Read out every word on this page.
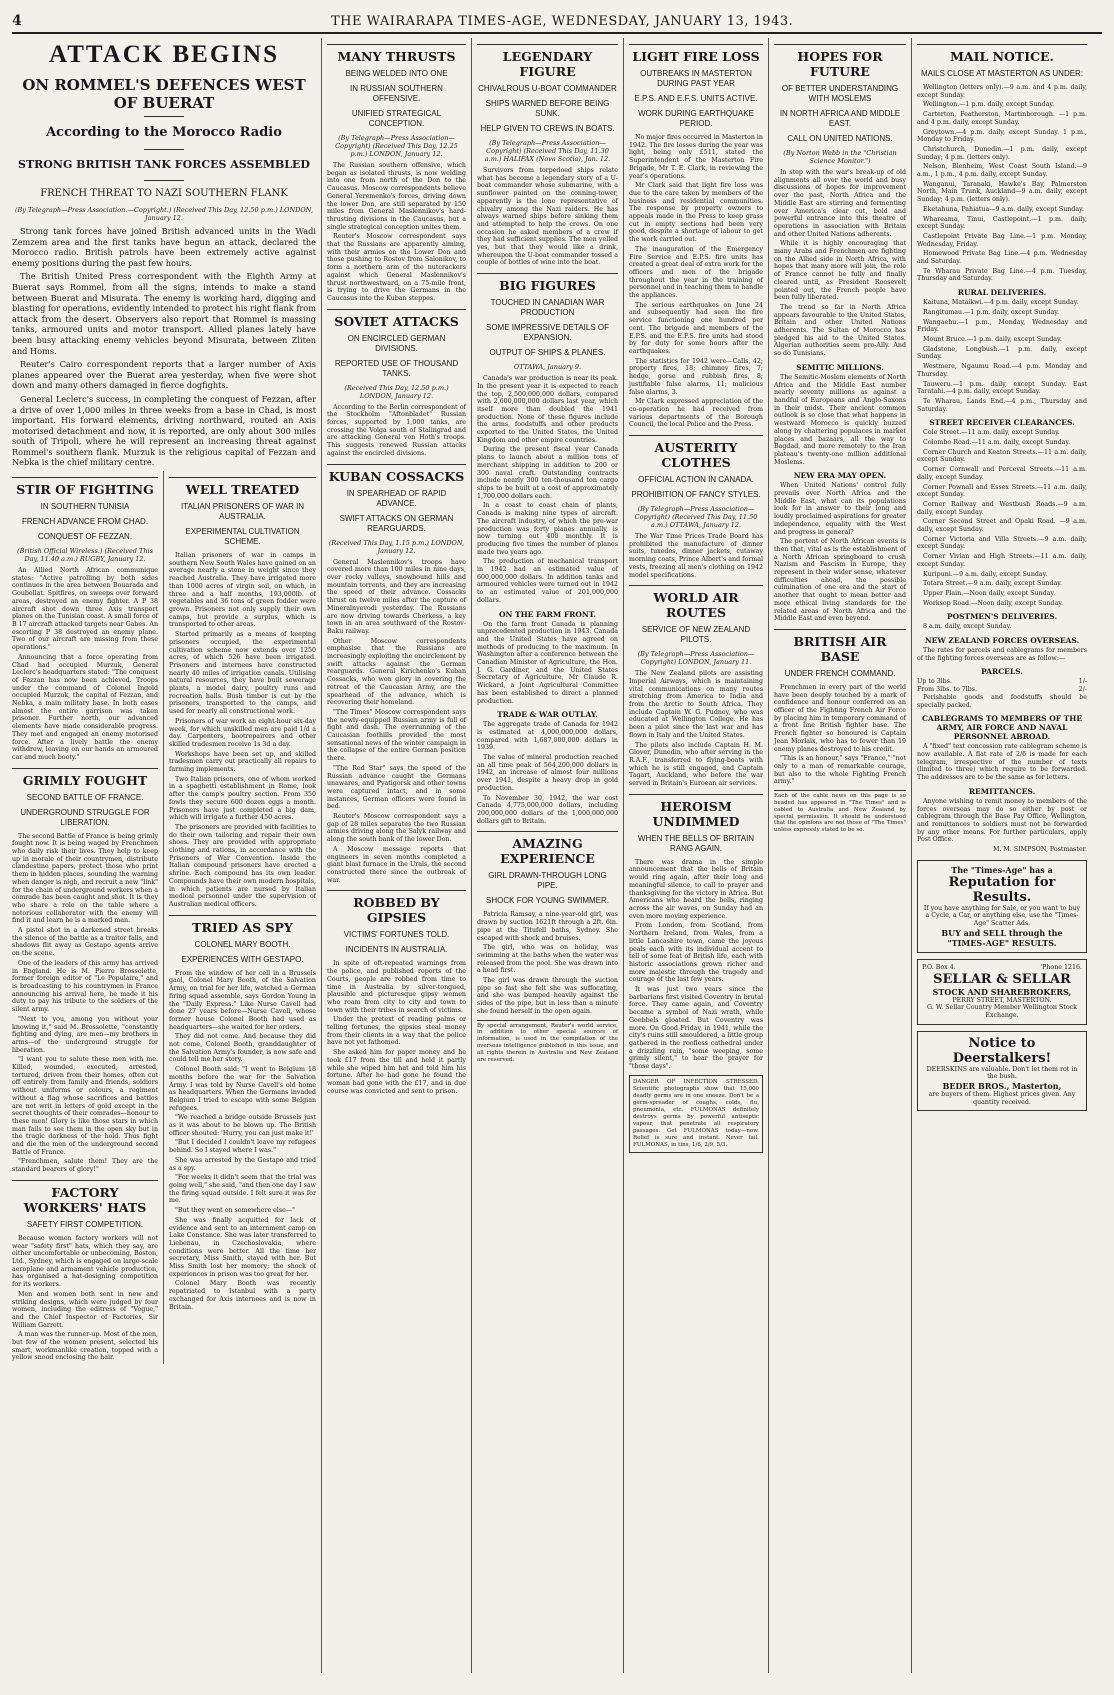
4	THE WAIRARAPA TIMES-AGE, WEDNESDAY, JANUARY 13, 1943.
ATTACK BEGINS
ON ROMMEL'S DEFENCES WEST OF BUERAT
According to the Morocco Radio
STRONG BRITISH TANK FORCES ASSEMBLED
FRENCH THREAT TO NAZI SOUTHERN FLANK
(By Telegraph—Press Association.—Copyright.) (Received This Day, 12.50 p.m.) LONDON, January 12.
Strong tank forces have joined British advanced units in the Wadi Zemzem area and the first tanks have begun an attack, declared the Morocco radio. British patrols have been extremely active against enemy positions during the past few hours.
The British United Press correspondent with the Eighth Army at Buerat says Rommel, from all the signs, intends to make a stand between Buerat and Misurata. The enemy is working hard, digging and blasting for operations, evidently intended to protect his right flank from attack from the desert. Observers also report that Rommel is massing tanks, armoured units and motor transport. Allied planes lately have been busy attacking enemy vehicles beyond Misurata, between Zliten and Homs.
Reuter's Cairo correspondent reports that a larger number of Axis planes appeared over the Buerat area yesterday, when five were shot down and many others damaged in fierce dogfights.
General Leclerc's success, in completing the conquest of Fezzan, after a drive of over 1,000 miles in three weeks from a base in Chad, is most important. His forward elements, driving northward, routed an Axis motorised detachment and now, it is reported, are only about 300 miles south of Tripoli, where he will represent an increasing threat against Rommel's southern flank. Murzuk is the religious capital of Fezzan and Nebka is the chief military centre.
STIR OF FIGHTING
IN SOUTHERN TUNISIA
FRENCH ADVANCE FROM CHAD.
CONQUEST OF FEZZAN.
(British Official Wireless.) (Received This Day, 11.40 a.m.) RUGBY, January 12.

An Allied North African communique states: "Active patrolling by both sides continues in the area between Bouarada and Goubellat. Spitfires, on sweeps over forward areas, destroyed an enemy fighter. A P 38 aircraft shot down three Axis transport planes on the Tunisian coast. A small force of B 17 aircraft attacked targets near Gabes. An escorting P 38 destroyed an enemy plane. Two of our aircraft are missing from these operations."

Announcing that a force operating from Chad had occupied Murzuk, General Leclerc's headquarters stated: "The conquest of Fezzan has now been achieved. Troops under the command of Colonel Ingold occupied Murzuk, the capital of Fezzan, and Nebka, a main military base. In both cases almost the entire garrison was taken prisoner. Further north, our advanced elements have made considerable progress. They met and engaged an enemy motorised force. After a lively battle the enemy withdrew, leaving on our hands an armoured car and much booty."

GRIMLY FOUGHT
SECOND BATTLE OF FRANCE.
UNDERGROUND STRUGGLE FOR LIBERATION.

The second Battle of France is being grimly fought now. It is being waged by Frenchmen who daily risk their lives. They help to keep up in morale of their countrymen, distribute clandestine papers, protect those who print them in hidden places, sounding the warning when danger is nigh, and recruit a new "link" for the chain of underground workers when a comrade has been caught and shot. It is they who share a role on the table where a notorious collaborator with the enemy will find it and learn he is a marked man.

A pistol shot in a darkened street breaks the silence of the battle as a traitor falls, and shadows flit away as Gestapo agents arrive on the scene.

One of the leaders of this army has arrived in England. He is M. Pierre Brossolette, former foreign editor of "Le Populaire," and is broadcasting to his countrymen in France announcing his arrival here, he made it his duty to pay his tribute to the soldiers of the silent army.

"Next to you, among you without your knowing it," said M. Brossolette, "constantly fighting and dying, are men—my brothers in arms—of the underground struggle for liberation.

"I want you to salute these men with me. Killed, wounded, executed, arrested, tortured, driven from their homes, often cut off entirely from family and friends, soldiers without uniforms or colours, a regiment without a flag whose sacrifices and battles are not writ in letters of gold except in the secret thoughts of their comrades—honour to these men! Glory is like those stars in which man fails to see them in the open sky but in the tragic darkness of the hold. Thus fight and die the men of the underground second Battle of France.

"Frenchmen, salute them! They are the standard bearers of glory!"

FACTORY WORKERS' HATS
SAFETY FIRST COMPETITION.

Because women factory workers will not wear "safety first" hats, which they say, are either uncomfortable or unbecoming, Boston, Ltd., Sydney, which is engaged on large-scale aeroplane and armament vehicle production, has organised a hat-designing competition for its workers.

Men and women both sent in new and striking designs, which were judged by four women, including the editress of "Vogue," and the Chief Inspector of Factories, Sir William Garrett.

A man was the runner-up. Most of the men, but few of the women present, selected his smart, workmanlike creation, topped with a yellow snood enclosing the hair.

WELL TREATED
ITALIAN PRISONERS OF WAR IN AUSTRALIA.
EXPERIMENTAL CULTIVATION SCHEME.

Italian prisoners of war in camps in southern New South Wales have gained on an average nearly a stone in weight since they reached Australia. They have irrigated more than 1000 acres of virgin soil, on which, in three and a half months, 193,000lb. of vegetables and 36 tons of green fodder were grown. Prisoners not only supply their own camps, but provide a surplus, which is transported to other areas.

Started primarily as a means of keeping prisoners occupied, the experimental cultivation scheme now extends over 1250 acres, of which 526 have been irrigated. Prisoners and internees have constructed nearly 40 miles of irrigation canals. Utilising natural resources, they have built sewerage plants, a model dairy, poultry runs and recreation halls. Bush timber is cut by the prisoners, transported to the camps, and used for nearly all constructional work.

Prisoners of war work an eight-hour six-day week, for which unskilled men are paid 1/d a day. Carpenters, bootrepairers and other skilled tradesmen receive 1s 3d a day.

Workshops have been set up, and skilled tradesmen carry out practically all repairs to farming implements.

Two Italian prisoners, one of whom worked in a spaghetti establishment in Rome, look after the camp's poultry section. From 350 fowls they secure 600 dozen eggs a month. Prisoners have just completed a big dam, which will irrigate a further 450 acres.

The prisoners are provided with facilities to do their own tailoring and repair their own shoes. They are provided with appropriate clothing and rations, in accordance with the Prisoners of War Convention. Inside the Italian compound prisoners have erected a shrine. Each compound has its own leader. Compounds have their own modern hospitals, in which patients are nursed by Italian medical personnel under the supervision of Australian medical officers.

TRIED AS SPY
COLONEL MARY BOOTH.
EXPERIENCES WITH GESTAPO.

From the window of her cell in a Brussels gaol, Colonel Mary Booth, of the Salvation Army, on trial for her life, watched a German firing squad assemble, says Gordon Young in the "Daily Express." Like Nurse Cavell had done 27 years before—Nurse Cavell, whose former house Colonel Booth had used as headquarters—she waited for her orders.

They did not come. And because they did not come, Colonel Booth, granddaughter of the Salvation Army's founder, is now safe and could tell me her story.

Colonel Booth said: "I went to Belgium 18 months before the war for the Salvation Army. I was told by Nurse Cavell's old home as headquarters. When the Germans invaded Belgium I tried to escape with some Belgian refugees.

"We reached a bridge outside Brussels just as it was about to be blown up. The British officer shouted: 'Hurry, you can just make it!'

"But I decided I couldn't leave my refugees behind. So I stayed where I was."

She was arrested by the Gestapo and tried as a spy.

"For weeks it didn't seem that the trial was going well," she said, "and then one day I saw the firing squad outside. I felt sure it was for me.

"But they went on somewhere else—"

She was finally acquitted for lack of evidence and sent to an internment camp on Lake Constance. She was later transferred to Liebenau, in Czechoslovakia, where conditions were better. All the time her secretary, Miss Smith, stayed with her. But Miss Smith lost her memory; the shock of experiences in prison was too great for her.

Colonel Mary Booth was recently repatriated to Istanbul with a party exchanged for Axis internees and is now in Britain.

MANY THRUSTS
BEING WELDED INTO ONE
IN RUSSIAN SOUTHERN OFFENSIVE.
UNIFIED STRATEGICAL CONCEPTION.
(By Telegraph—Press Association—Copyright) (Received This Day, 12.25 p.m.) LONDON, January 12.

The Russian southern offensive, which began as isolated thrusts, is now welding into one from north of the Don to the Caucasus. Moscow correspondents believe General Yeremenko's forces, driving down the lower Don, are still separated by 150 miles from General Maslennikov's hard-thrusting divisions in the Caucasus, but a single strategical conception unites them.

Reuter's Moscow correspondent says that the Russians are apparently aiming, with their armies on the Lower Don and those pushing to Rostov from Salonikov, to form a northern arm of the nutcrackers against which General Maslennikov's thrust northwestward, on a 75-mile front, is trying to drive the Germans in the Caucasus into the Kuban steppes.

SOVIET ATTACKS
ON ENCIRCLED GERMAN DIVISIONS.
REPORTED USE OF THOUSAND TANKS.
(Received This Day, 12.50 p.m.) LONDON, January 12.

According to the Berlin correspondent of the Stockholm "Aftonbladet" Russian forces, supported by 1,000 tanks, are crossing the Volga south of Stalingrad and are attacking General von Hoth's troops. This suggests renewed Russian attacks against the encircled divisions.

KUBAN COSSACKS
IN SPEARHEAD OF RAPID ADVANCE.
SWIFT ATTACKS ON GERMAN REARGUARDS.
(Received This Day, 1.15 p.m.) LONDON, January 12.

General Maslennikov's troops have covered more than 100 miles in nine days, over rocky valleys, snowbound hills and mountain torrents, and they are increasing the speed of their advance. Cossacks thrust on twelve miles after the capture of Mineralnyevodi yesterday. The Russians are now driving towards Cherkess, a key town in an area southward of the Rostov-Baku railway.

Other Moscow correspondents emphasise that the Russians are increasingly exploiting the encirclement by swift attacks against the German rearguards. General Kirichenko's Kuban Cossacks, who won glory in covering the retreat of the Caucasian Army, are the spearhead of the advance, which is recovering their homeland.

"The Times" Moscow correspondent says the newly-equipped Russian army is full of fight and dash. The overrunning of the Caucasian foothills provided the most sensational news of the winter campaign in the collapse of the entire German position there.

"The Red Star" says the speed of the Russian advance caught the Germans unawares, and Pyatigorsk and other towns were captured intact, and in some instances, German officers were found in bed.

Reuter's Moscow correspondent says a gap of 28 miles separates the two Russian armies driving along the Salyk railway and along the south bank of the lower Don.

A Moscow message reports that engineers in seven months completed a giant blast furnace in the Urals, the second constructed there since the outbreak of war.

ROBBED BY GIPSIES
VICTIMS' FORTUNES TOLD.
INCIDENTS IN AUSTRALIA.

In spite of oft-repeated warnings from the police, and published reports of the Courts, people are robbed from time to time in Australia by silver-tongued, plausible and picturesque gipsy women who roam from city to city and town to town with their tribes in search of victims.

Under the pretext of reading palms or telling fortunes, the gipsies steal money from their clients in a way that the police have not yet fathomed.

She asked him for paper money and he took £17 from the till and held it partly while she wiped him hat and told him his fortune. After he had gone he found the woman had gone with the £17, and in due course was convicted and sent to prison.

LEGENDARY FIGURE
CHIVALROUS U-BOAT COMMANDER
SHIPS WARNED BEFORE BEING SUNK.
HELP GIVEN TO CREWS IN BOATS.
(By Telegraph—Press Association—Copyright) (Received This Day, 11.30 a.m.) HALIFAX (Nova Scotia), Jan. 12.

Survivors from torpedoed ships relate what has become a legendary story of a U-boat commander whose submarine, with a sunflower painted on the conning-tower, apparently is the lone representative of chivalry among the Nazi raiders. He has always warned ships before sinking them and attempted to help the crews. On one occasion he asked members of a crew if they had sufficient supplies. The men yelled yes, but that they would like a drink, whereupon the U-boat commander tossed a couple of bottles of wine into the boat.

BIG FIGURES
TOUCHED IN CANADIAN WAR PRODUCTION
SOME IMPRESSIVE DETAILS OF EXPANSION.
OUTPUT OF SHIPS & PLANES.
OTTAWA, January 9.

Canada's war production is near its peak. In the present year it is expected to reach the top, 2,500,000,000 dollars, compared with 2,600,000,000 dollars last year, which itself more than doubled the 1941 production. None of these figures include the arms, foodstuffs and other products exported to the United States, the United Kingdom and other empire countries.

During the present fiscal year Canada plans to launch about a million tons of merchant shipping in addition to 200 or 300 naval craft. Outstanding contracts include nearly 300 ten-thousand ton cargo ships to be built at a cost of approximately 1,700,000 dollars each.

In a coast to coast chain of plants, Canada is making nine types of aircraft. The aircraft industry, of which the pre-war production was forty planes annually, is now turning out 400 monthly. It is producing five times the number of planes made two years ago.

The production of mechanical transport in 1942 had an estimated value of 600,000,000 dollars. In addition tanks and armoured vehicles were turned out in 1942 to an estimated value of 201,000,000 dollars.

ON THE FARM FRONT.

On the farm front Canada is planning unprecedented production in 1943. Canada and the United States have agreed on methods of producing to the maximum. In Washington after a conference between the Canadian Minister of Agriculture, the Hon. J. G. Gardiner, and the United States Secretary of Agriculture, Mr Claude R. Wickard, a Joint Agricultural Committee has been established to direct a planned production.

TRADE & WAR OUTLAY.

The aggregate trade of Canada for 1942 is estimated at 4,000,000,000 dollars, compared with 1,687,000,000 dollars in 1939.

The value of mineral production reached an all time peak of 564,200,000 dollars in 1942, an increase of almost four millions over 1941, despite a heavy drop in gold production.

To November 30, 1942, the war cost Canada 4,775,000,000 dollars, including 200,000,000 dollars of the 1,000,000,000 dollars gift to Britain.

AMAZING EXPERIENCE
GIRL DRAWN-THROUGH LONG PIPE.
SHOCK FOR YOUNG SWIMMER.

Patricia Ramsay, a nine-year-old girl, was drawn by suction 1621ft through a 2ft. 6in. pipe at the Titufell baths, Sydney. She escaped with shock and bruises.

The girl, who was on holiday, was swimming at the baths when the water was released from the pool. She was drawn into a head first.

The girl was drawn through the suction pipe so fast she felt she was suffocating, and she was bumped heavily against the sides of the pipe, but in less than a minute she found herself in the open again.

By special arrangement, Reuter's world service, in addition to other special sources of information, is used in the compilation of the overseas intelligence published in this issue, and all rights therein in Australia and New Zealand are reserved.
LIGHT FIRE LOSS
OUTBREAKS IN MASTERTON DURING PAST YEAR
E.P.S. AND E.F.S. UNITS ACTIVE.
WORK DURING EARTHQUAKE PERIOD.

No major fires occurred in Masterton in 1942. The fire losses during the year was light, being only £511, stated the Superintendent of the Masterton Fire Brigade, Mr T. E. Clark, in reviewing the year's operations.

Mr Clark said that light fire loss was due to the care taken by members of the business and residential communities. The response by property owners to appeals made in the Press to keep grass cut in empty sections had been very good, despite a shortage of labour to get the work carried out.

The inauguration of the Emergency Fire Service and E.P.S. fire units has created a great deal of extra work for the officers and men of the brigade throughout the year in the training of personnel and in teaching them to handle the appliances.

The serious earthquakes on June 24 and subsequently had seen the fire service functioning one hundred per cent. The brigade and members of the E.P.S. and the E.F.S. fire units had stood by for duty for some hours after the earthquakes.

The statistics for 1942 were—Calls, 42; property fires, 18; chimney fires, 7; hedge, gorse and rubbish fires, 8; justifiable false alarms, 11; malicious false alarms, 3.

Mr Clark expressed appreciation of the co-operation he had received from various departments of the Borough Council, the local Police and the Press.

AUSTERITY CLOTHES
OFFICIAL ACTION IN CANADA.
PROHIBITION OF FANCY STYLES.
(By Telegraph—Press Association—Copyright) (Received This Day, 11.50 a.m.) OTTAWA, January 12.

The War Time Prices Trade Board has prohibited the manufacture of dinner suits, tuxedos, dinner jackets, cutaway morning coats, Prince Albert's and formal vests, freezing all men's clothing on 1942 model specifications.

WORLD AIR ROUTES
SERVICE OF NEW ZEALAND PILOTS.
(By Telegraph—Press Association—Copyright) LONDON, January 11.

The New Zealand pilots are assisting Imperial Airways, which is maintaining vital communications on many routes stretching from America to India and from the Arctic to South Africa. They include Captain W. G. Pudney, who was educated at Wellington College. He has been a pilot since the last war and has flown in Italy and the United States.

The pilots also include Captain H. M. Glover, Dunedin, who after serving in the R.A.F., transferred to flying-boats with which he is still engaged, and Captain Tagart, Auckland, who before the war served in Britain's Euroean air services.

HEROISM UNDIMMED
WHEN THE BELLS OF BRITAIN RANG AGAIN.

There was drama in the simple announcement that the bells of Britain would ring again, after their long and meaningful silence, to call to prayer and thanksgiving for the victory in Africa. But Americans who heard the bells, ringing across the air waves, on Sunday had an even more moving experience.

From London, from Scotland, from Northern Ireland, from Wales, from a little Lancashire town, came the joyous peals each with its individual accent to tell of some feat of British life, each with historic associations grown richer and more majestic through the tragedy and courage of the last few years.

It was just two years since the barbarians first visited Coventry in brutal force. They came again, and Coventry became a symbol of Nazi wrath, while Goebbels gloated. But Coventry was more. On Good Friday, in 1941, while the city's ruins still smouldered, a little group gathered in the roofless cathedral under a drizzling rain, "some weeping, some grimly silent," to hear the prayer for "those days".

DANGER OF INFECTION STRESSED. Scientific photographs show that 15,000 deadly germs are in one sneeze. Don't be a germ-spreader of coughs, colds, flu, pneumonia, etc. FULMONAS definitely destroys germs by powerful antiseptic vapour, that penetrate all respiratory passages. Get FULMONAS today—now. Relief is sure and instant. Never fail. FULMONAS, in tins, 1/6, 2/9, 5/3.
HOPES FOR FUTURE
OF BETTER UNDERSTANDING WITH MOSLEMS
IN NORTH AFRICA AND MIDDLE EAST.
CALL ON UNITED NATIONS.
(By Norton Webb in the "Christian Science Monitor.")

In step with the war's break-up of old alignments all over the world and busy discussions of hopes for improvement over the past, North Africa and the Middle East are stirring and fermenting over America's clear cut, bold and powerful entrance into this theatre of operations in association with Britain and other United Nations adherents.

While it is highly encouraging that many Arabs and Frenchmen are fighting on the Allied side in North Africa, with hopes that many more will join, the role of France cannot be fully and finally cleared until, as President Roosevelt pointed out, the French people have been fully liberated.

The trend so far in North Africa appears favourable to the United States, Britain and other United Nations adherents. The Sultan of Morocco has pledged his aid to the United States. Algerian authorities seem pro-Ally. And so do Tunisians.

SEMITIC MILLIONS.

The Semitic-Moslem elements of North Africa and the Middle East number nearly seventy millions as against a handful of Europeans and Anglo-Saxons in their midst. Their ancient common outlook is so close that what happens in westward Morocco is quickly buzzed along by chattering populaces in market places and bazaars, all the way to Bagdad, and more remotely to the Iran plateau's twenty-one million additional Moslems.

NEW ERA MAY OPEN.

When United Nations' control fully prevails over North Africa and the Middle East, what can its populations look for in answer to their long and loudly proclaimed aspirations for greater independence, equality with the West and progress in general?

The portent of North African events is then that, vital as is the establishment of a North African springboard to crush Nazism and Fascism in Europe, they represent in their wider sense, whatever difficulties ahead, the possible culmination of one era and the start of another that ought to mean better and more ethical living standards for the related areas of North Africa and the Middle East and even beyond.

BRITISH AIR BASE
UNDER FRENCH COMMAND.

Frenchmen in every part of the world have been deeply touched by a mark of confidence and honour conferred on an officer of the Fighting French Air Force by placing him in temporary command of a front line British fighter base. The French fighter so honoured is Captain Jean Morlaix, who has to fewer than 19 enemy planes destroyed to his credit.

"This is an honour," says "France," "not only to a man of remarkable courage, but also to the whole Fighting French army."

Each of the cable news on this page is so headed has appeared in "The Times" and is cabled to Australia and New Zealand by special permission. It should be understood that the opinions are not those of "The Times" unless expressly stated to be so.
MAIL NOTICE.
MAILS CLOSE AT MASTERTON AS UNDER:

Wellington (letters only).—9 a.m. and 4 p.m. daily, except Sunday.

Wellington.—1 p.m. daily, except Sunday.

Carterton, Featherston, Martinborough. —1 p.m. and 4 p.m. daily, except Sunday.

Greytown.—4 p.m. daily, except Sunday. 1 p.m., Monday to Friday.

Christchurch, Dunedin.—1 p.m. daily, except Sunday; 4 p.m. (letters only).

Nelson, Blenheim, West Coast South Island.—9 a.m., 1 p.m., 4 p.m. daily, except Sunday.

Wanganui, Taranaki, Hawke's Bay, Palmerston North, Main Trunk, Auckland—9 a.m. daily, except Sunday; 4 p.m. (letters only).

Eketahuna, Pahiatua—9 a.m. daily, except Sunday.

Whareama, Tinui, Castlepoint.—1 p.m. daily, except Sunday.

Castlepoint Private Bag Line.—1 p.m. Monday, Wednesday, Friday.

Homewood Private Bag Line.—4 p.m. Wednesday and Saturday.

Te Wharau Private Bag Line.—4 p.m. Tuesday, Thursday and Saturday.

RURAL DELIVERIES.

Kaituna, Mataikwi.—4 p.m. daily, except Sunday.

Rangitumau.—1 p.m. daily, except Sunday.

Wangaehu.—1 p.m., Monday, Wednesday and Friday.

Mount Bruce.—1 p.m. daily, except Sunday.

Gladstone, Longbush.—1 p.m. daily, except Sunday.

Westmere, Ngaumu Road.—4 p.m. Monday and Thursday.

Tauweru.—1 p.m. daily, except Sunday. East Taratahi.—4 p.m. daily, except Sunday.

Te Wharau, Lands End.—4 p.m., Thursday and Saturday.

STREET RECEIVER CLEARANCES.

Cole Street.—11 a.m. daily, except Sunday.

Colombo Road.—11 a.m. daily, except Sunday.

Corner Church and Keaton Streets.—11 a.m. daily, except Sunday.

Corner Cornwall and Perceval Streets.—11 a.m. daily, except Sunday.

Corner Pownall and Essex Streets.—11 a.m. daily, except Sunday.

Corner Railway and Westbush Roads.—9 a.m. daily, except Sunday.

Corner Second Street and Opaki Road. —9 a.m. daily, except Sunday.

Corner Victoria and Villa Streets.—9 a.m. daily, except Sunday.

Corner Vivian and High Streets.—11 a.m. daily, except Sunday.

Kuripuni.—9 a.m. daily, except Sunday.

Totara Street.—9 a.m. daily, except Sunday.

Upper Plain.—Noon daily, except Sunday.

Worksop Road.—Noon daily, except Sunday.

POSTMEN'S DELIVERIES.

8 a.m. daily, except Sunday.

NEW ZEALAND FORCES OVERSEAS.

The rates for parcels and cablegrams for members of the fighting forces overseas are as follow:—

PARCELS.
Up to 3lbs.	1/-
From 3lbs. to 7lbs.	2/-

Perishable goods and foodstuffs should be specially packed.

CABLEGRAMS TO MEMBERS OF THE ARMY, AIR FORCE AND NAVAL PERSONNEL ABROAD.

A "fixed" text concession rate cablegram scheme is now available. A flat rate of 2/6 is made for each telegram, irrespective of the number of texts (limited to three) which require to be forwarded. The addresses are to be the same as for letters.

REMITTANCES.

Anyone wishing to remit money to members of the forces overseas may do so either by post or cablegram through the Base Pay Office, Wellington, and remittances to soldiers must not be forwarded by any other means. For further particulars, apply Post Office.

M. M. SIMPSON, Postmaster.

The "Times-Age" has a
Reputation for Results.
If you have anything for Sale, or you want to buy a Cycle, a Car, or anything else, use the "Times-Age" Scatter Ads.
BUY and SELL through the "TIMES-AGE" RESULTS.
P.O. Box 4.	'Phone 1216.
SELLAR & SELLAR
STOCK AND SHAREBROKERS,
PERRY STREET, MASTERTON.
G. W. Sellar Country Member Wellington Stock Exchange.
Notice to Deerstalkers!
DEERSKINS are valuable. Don't let them rot in the bush.
BEDER BROS., Masterton,
are buyers of them. Highest prices given. Any quantity received.
